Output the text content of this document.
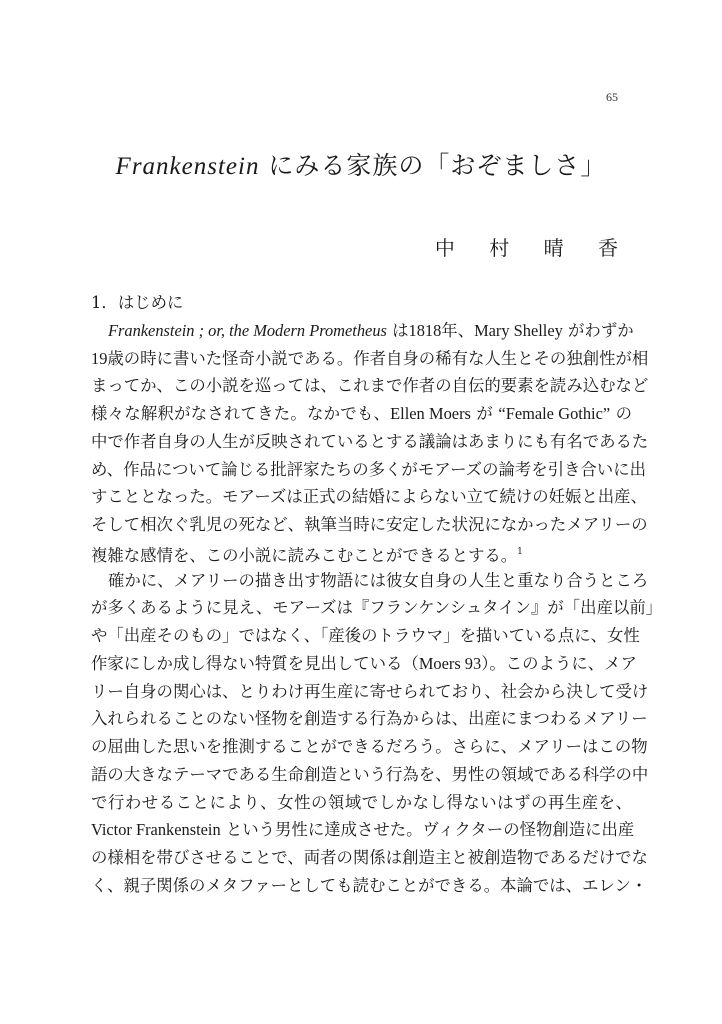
65
Frankenstein にみる家族の「おぞましさ」
中 村 晴 香
1．はじめに
Frankenstein ; or, the Modern Prometheus は1818年、Mary Shelley がわずか
19歳の時に書いた怪奇小説である。作者自身の稀有な人生とその独創性が相
まってか、この小説を巡っては、これまで作者の自伝的要素を読み込むなど
様々な解釈がなされてきた。なかでも、Ellen Moers が “Female Gothic” の
中で作者自身の人生が反映されているとする議論はあまりにも有名であるた
め、作品について論じる批評家たちの多くがモアーズの論考を引き合いに出
すこととなった。モアーズは正式の結婚によらない立て続けの妊娠と出産、
そして相次ぐ乳児の死など、執筆当時に安定した状況になかったメアリーの
複雑な感情を、この小説に読みこむことができるとする。$^1$
確かに、メアリーの描き出す物語には彼女自身の人生と重なり合うところ
が多くあるように見え、モアーズは『フランケンシュタイン』が「出産以前」
や「出産そのもの」ではなく、「産後のトラウマ」を描いている点に、女性
作家にしか成し得ない特質を見出している（Moers 93）。このように、メア
リー自身の関心は、とりわけ再生産に寄せられており、社会から決して受け
入れられることのない怪物を創造する行為からは、出産にまつわるメアリー
の屈曲した思いを推測することができるだろう。さらに、メアリーはこの物
語の大きなテーマである生命創造という行為を、男性の領域である科学の中
で行わせることにより、女性の領域でしかなし得ないはずの再生産を、
Victor Frankenstein という男性に達成させた。ヴィクターの怪物創造に出産
の様相を帯びさせることで、両者の関係は創造主と被創造物であるだけでな
く、親子関係のメタファーとしても読むことができる。本論では、エレン・
